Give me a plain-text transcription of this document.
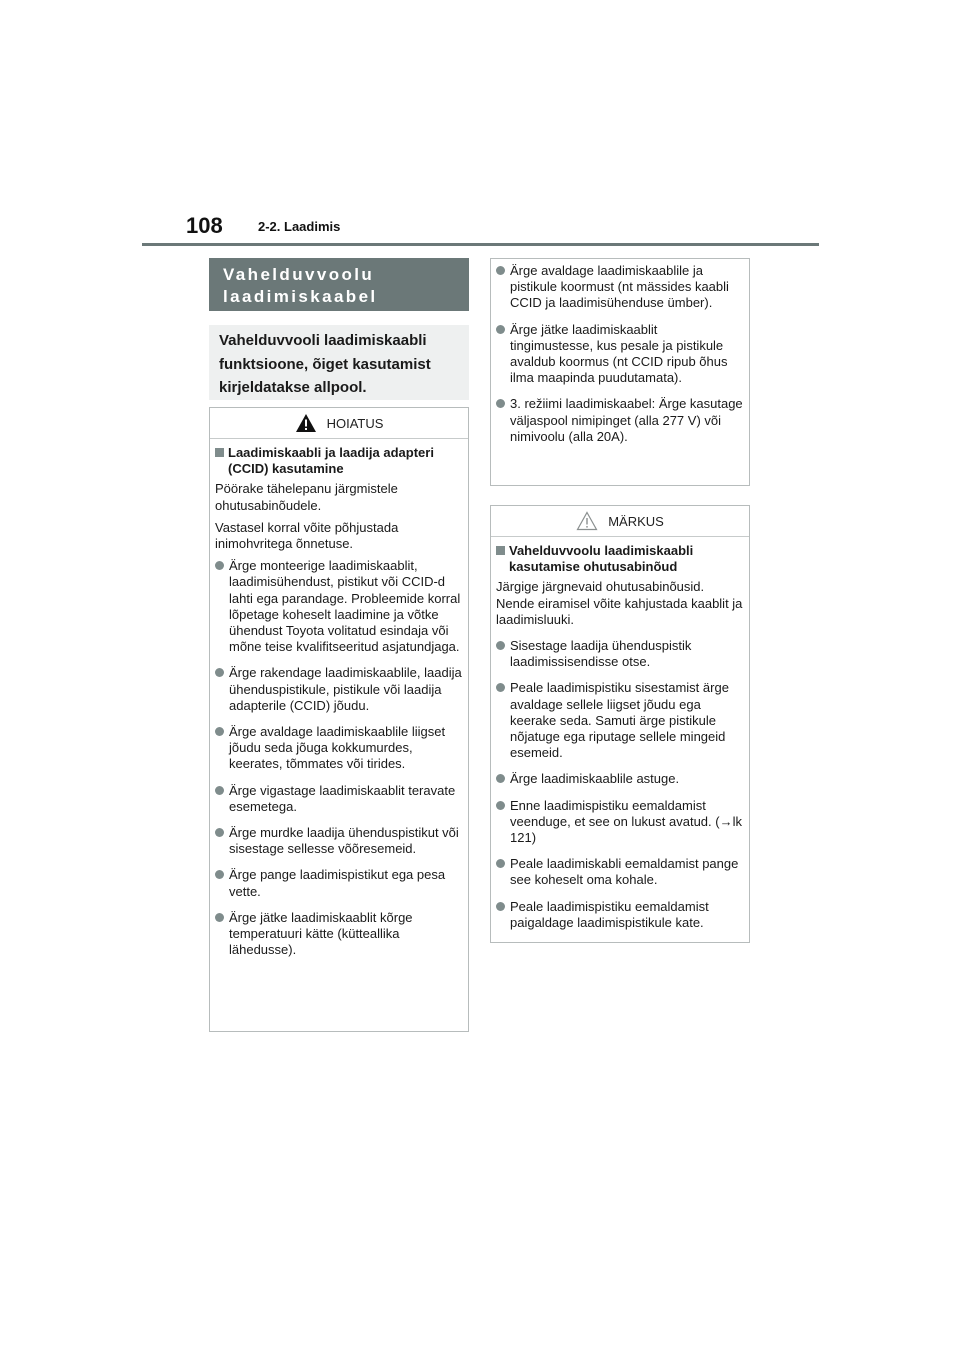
108	2-2. Laadimis
Vahelduvvoolu
laadimiskaabel
Vahelduvvooli laadimiskaabli funktsioone, õiget kasutamist kirjeldatakse allpool.
HOIATUS
Laadimiskaabli ja laadija adapteri (CCID) kasutamine
Pöörake tähelepanu järgmistele ohutusabinõudele.
Vastasel korral võite põhjustada inimohvritega õnnetuse.
Ärge monteerige laadimiskaablit, laadimisühendust, pistikut või CCID-d lahti ega parandage. Probleemide korral lõpetage koheselt laadimine ja võtke ühendust Toyota volitatud esindaja või mõne teise kvalifitseeritud asjatundjaga.
Ärge rakendage laadimiskaablile, laadija ühenduspistikule, pistikule või laadija adapterile (CCID) jõudu.
Ärge avaldage laadimiskaablile liigset jõudu seda jõuga kokkumurdes, keerates, tõmmates või tirides.
Ärge vigastage laadimiskaablit teravate esemetega.
Ärge murdke laadija ühenduspistikut või sisestage sellesse võõresemeid.
Ärge pange laadimispistikut ega pesa vette.
Ärge jätke laadimiskaablit kõrge temperatuuri kätte (kütteallika lähedusse).
Ärge avaldage laadimiskaablile ja pistikule koormust (nt mässides kaabli CCID ja laadimisühenduse ümber).
Ärge jätke laadimiskaablit tingimustesse, kus pesale ja pistikule avaldub koormus (nt CCID ripub õhus ilma maapinda puudutamata).
3. režiimi laadimiskaabel: Ärge kasutage väljaspool nimipinget (alla 277 V) või nimivoolu (alla 20A).
MÄRKUS
Vahelduvvoolu laadimiskaabli kasutamise ohutusabinõud
Järgige järgnevaid ohutusabinõusid. Nende eiramisel võite kahjustada kaablit ja laadimisluuki.
Sisestage laadija ühenduspistik laadimissisendisse otse.
Peale laadimispistiku sisestamist ärge avaldage sellele liigset jõudu ega keerake seda. Samuti ärge pistikule nõjatuge ega riputage sellele mingeid esemeid.
Ärge laadimiskaablile astuge.
Enne laadimispistiku eemaldamist veenduge, et see on lukust avatud. (→lk 121)
Peale laadimiskabli eemaldamist pange see koheselt oma kohale.
Peale laadimispistiku eemaldamist paigaldage laadimispistikule kate.
